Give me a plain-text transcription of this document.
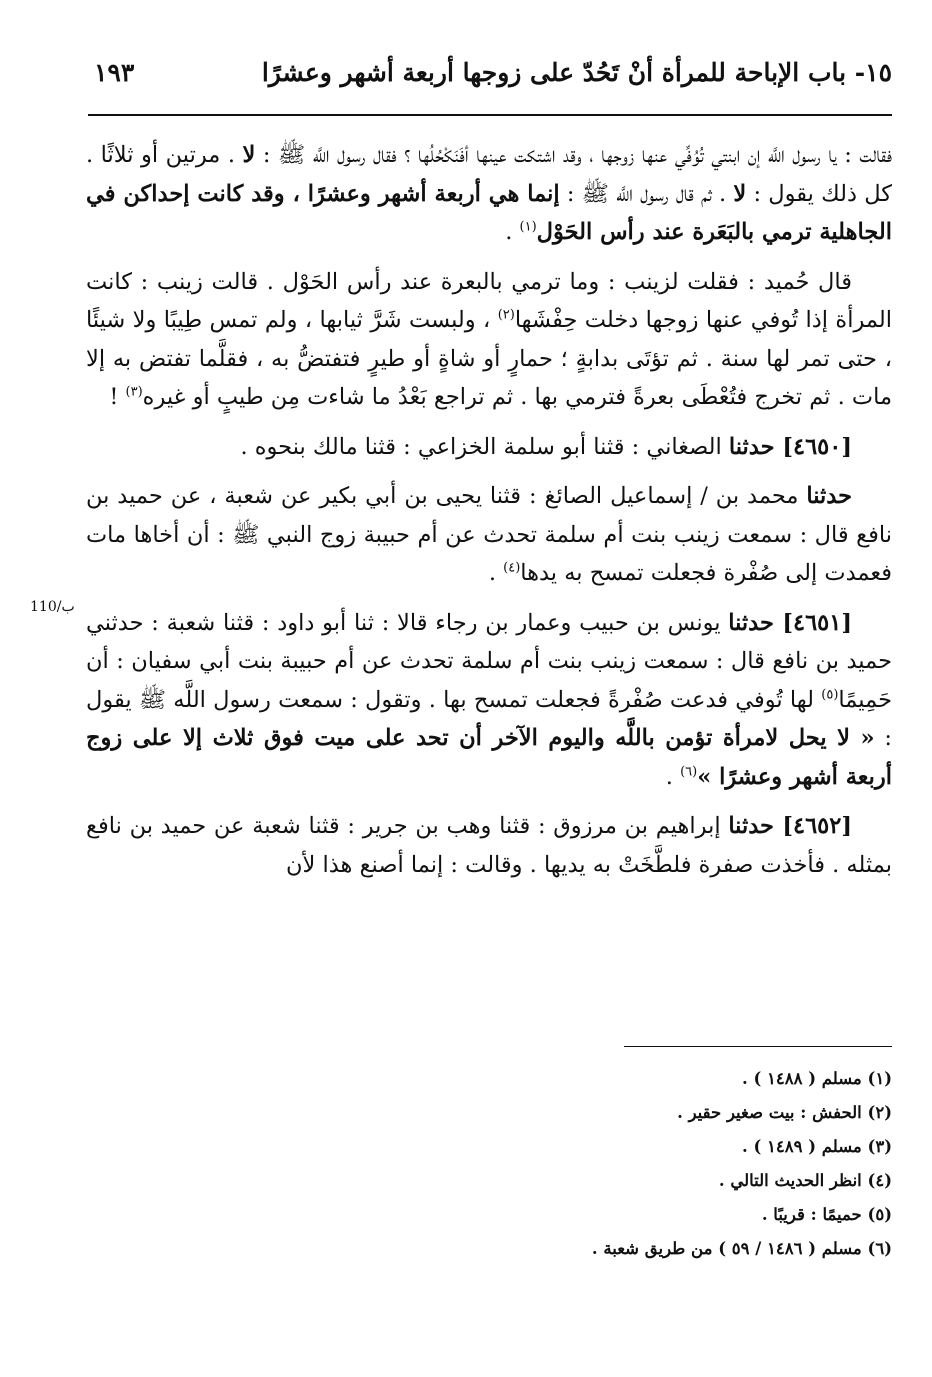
١٥- باب الإباحة للمرأة أنْ تَحُدّ على زوجها أربعة أشهر وعشرًا
١٩٣
110/ب

فقالت : يا رسول اللَّه إن ابنتي تُوُفِّي عنها زوجها ، وقد اشتكت عينها أفَنَكْحُلُها ؟ فقال رسول اللَّه ﷺ : لا . مرتين أو ثلاثًا . كل ذلك يقول : لا . ثم قال رسول اللَّه ﷺ : إنما هي أربعة أشهر وعشرًا ، وقد كانت إحداكن في الجاهلية ترمي بالبَعَرة عند رأس الحَوْل$^{(١)}$ .

قال حُميد : فقلت لزينب : وما ترمي بالبعرة عند رأس الحَوْل . قالت زينب : كانت المرأة إذا تُوفي عنها زوجها دخلت حِفْشَها$^{(٢)}$ ، ولبست شَرَّ ثيابها ، ولم تمس طِيبًا ولا شيئًا ، حتى تمر لها سنة . ثم تؤتَى بدابةٍ ؛ حمارٍ أو شاةٍ أو طيرٍ فتفتضُّ به ، فقلَّما تفتض به إلا مات . ثم تخرج فتُعْطَى بعرةً فترمي بها . ثم تراجع بَعْدُ ما شاءت مِن طيبٍ أو غيره$^{(٣)}$ !

[٤٦٥٠] حدثنا الصغاني : قثنا أبو سلمة الخزاعي : قثنا مالك بنحوه .

حدثنا محمد بن / إسماعيل الصائغ : قثنا يحيى بن أبي بكير عن شعبة ، عن حميد بن نافع قال : سمعت زينب بنت أم سلمة تحدث عن أم حبيبة زوج النبي ﷺ : أن أخاها مات فعمدت إلى صُفْرة فجعلت تمسح به يدها$^{(٤)}$ .

[٤٦٥١] حدثنا يونس بن حبيب وعمار بن رجاء قالا : ثنا أبو داود : قثنا شعبة : حدثني حميد بن نافع قال : سمعت زينب بنت أم سلمة تحدث عن أم حبيبة بنت أبي سفيان : أن حَمِيمًا$^{(٥)}$ لها تُوفي فدعت صُفْرةً فجعلت تمسح بها . وتقول : سمعت رسول اللَّه ﷺ يقول : « لا يحل لامرأة تؤمن باللَّه واليوم الآخر أن تحد على ميت فوق ثلاث إلا على زوج أربعة أشهر وعشرًا »$^{(٦)}$ .

[٤٦٥٢] حدثنا إبراهيم بن مرزوق : قثنا وهب بن جرير : قثنا شعبة عن حميد بن نافع بمثله . فأخذت صفرة فلطَّخَتْ به يديها . وقالت : إنما أصنع هذا لأن

(١) مسلم ( ١٤٨٨ ) .

(٢) الحفش : بيت صغير حقير .

(٣) مسلم ( ١٤٨٩ ) .

(٤) انظر الحديث التالي .

(٥) حميمًا : قريبًا .

(٦) مسلم ( ١٤٨٦ / ٥٩ ) من طريق شعبة .
